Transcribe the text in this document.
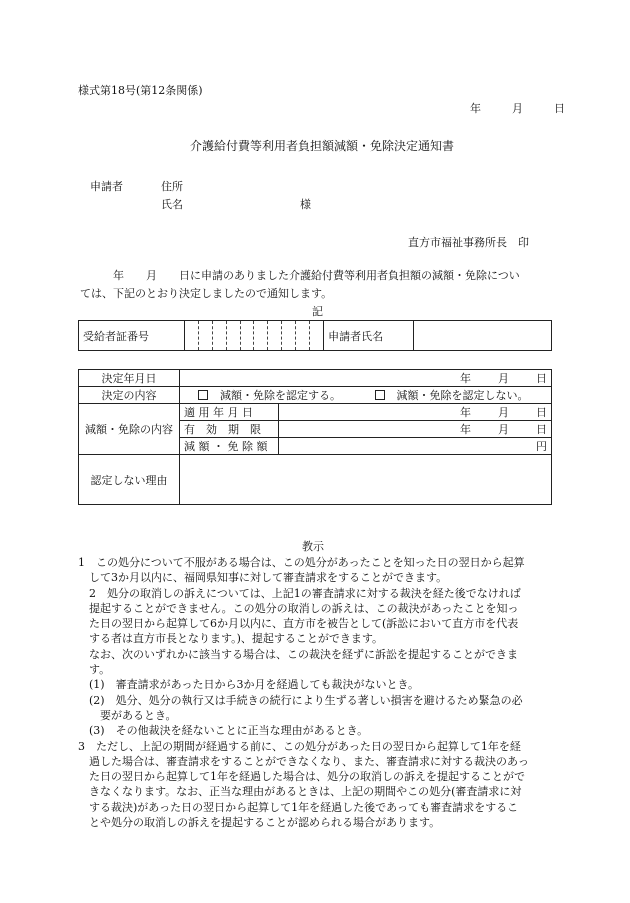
様式第18号(第12条関係)
年	月	日
介護給付費等利用者負担額減額・免除決定通知書
申請者	住所
氏名	様
直方市福祉事務所長　印
　　　年　　月　　日に申請のありました介護給付費等利用者負担額の減額・免除につい
ては、下記のとおり決定しましたので通知します。
記
受給者証番号											申請者氏名	
決定年月日	年 月 日	
決定の内容	減額・免除を認定する。 減額・免除を認定しない。	
減額・免除の内容	適 用 年 月 日	年 月 日
	有　効　期　限	年 月 日
	減 額 ・ 免 除 額	円
認定しない理由		
教示
1　この処分について不服がある場合は、この処分があったことを知った日の翌日から起算
　して3か月以内に、福岡県知事に対して審査請求をすることができます。
　2　処分の取消しの訴えについては、上記1の審査請求に対する裁決を経た後でなければ
　提起することができません。この処分の取消しの訴えは、この裁決があったことを知っ
　た日の翌日から起算して6か月以内に、直方市を被告として(訴訟において直方市を代表
　する者は直方市長となります。)、提起することができます。
　なお、次のいずれかに該当する場合は、この裁決を経ずに訴訟を提起することができま
　す。
　(1)　審査請求があった日から3か月を経過しても裁決がないとき。
　(2)　処分、処分の執行又は手続きの続行により生ずる著しい損害を避けるため緊急の必
　　要があるとき。
　(3)　その他裁決を経ないことに正当な理由があるとき。
3　ただし、上記の期間が経過する前に、この処分があった日の翌日から起算して1年を経
　過した場合は、審査請求をすることができなくなり、また、審査請求に対する裁決のあっ
　た日の翌日から起算して1年を経過した場合は、処分の取消しの訴えを提起することがで
　きなくなります。なお、正当な理由があるときは、上記の期間やこの処分(審査請求に対
　する裁決)があった日の翌日から起算して1年を経過した後であっても審査請求をするこ
　とや処分の取消しの訴えを提起することが認められる場合があります。
